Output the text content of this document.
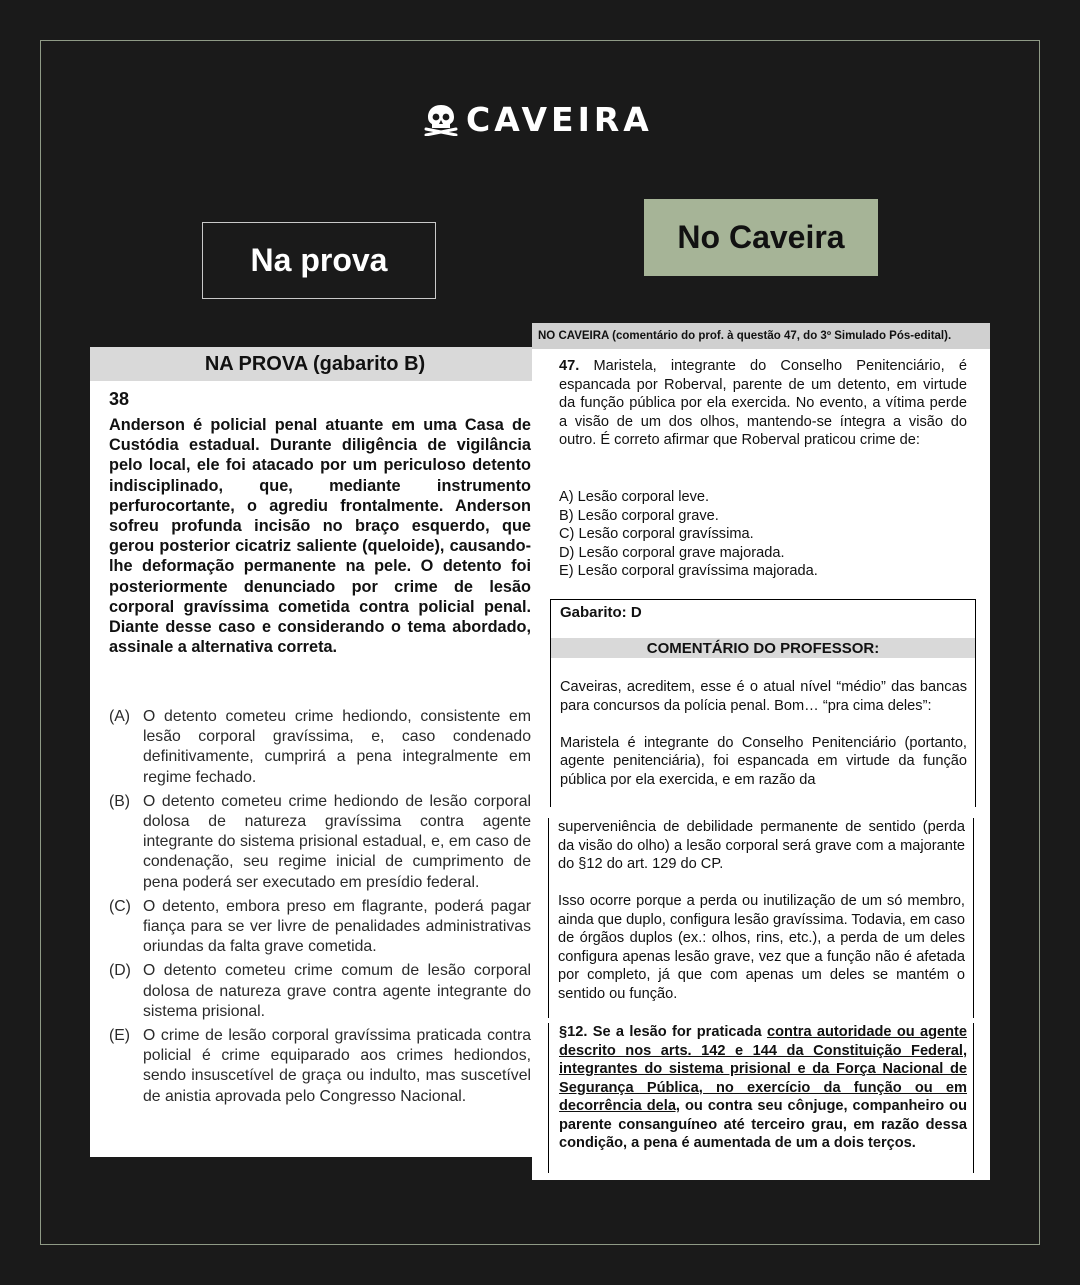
CAVEIRA
Na prova
No Caveira
NA PROVA (gabarito B)
38
Anderson é policial penal atuante em uma Casa de Custódia estadual. Durante diligência de vigilância pelo local, ele foi atacado por um periculoso detento indisciplinado, que, mediante instrumento perfurocortante, o agrediu frontalmente. Anderson sofreu profunda incisão no braço esquerdo, que gerou posterior cicatriz saliente (queloide), causando-lhe deformação permanente na pele. O detento foi posteriormente denunciado por crime de lesão corporal gravíssima cometida contra policial penal. Diante desse caso e considerando o tema abordado, assinale a alternativa correta.
(A) O detento cometeu crime hediondo, consistente em lesão corporal gravíssima, e, caso condenado definitivamente, cumprirá a pena integralmente em regime fechado.
(B) O detento cometeu crime hediondo de lesão corporal dolosa de natureza gravíssima contra agente integrante do sistema prisional estadual, e, em caso de condenação, seu regime inicial de cumprimento de pena poderá ser executado em presídio federal.
(C) O detento, embora preso em flagrante, poderá pagar fiança para se ver livre de penalidades administrativas oriundas da falta grave cometida.
(D) O detento cometeu crime comum de lesão corporal dolosa de natureza grave contra agente integrante do sistema prisional.
(E) O crime de lesão corporal gravíssima praticada contra policial é crime equiparado aos crimes hediondos, sendo insuscetível de graça ou indulto, mas suscetível de anistia aprovada pelo Congresso Nacional.
NO CAVEIRA (comentário do prof. à questão 47, do 3º Simulado Pós-edital).
47. Maristela, integrante do Conselho Penitenciário, é espancada por Roberval, parente de um detento, em virtude da função pública por ela exercida. No evento, a vítima perde a visão de um dos olhos, mantendo-se íntegra a visão do outro. É correto afirmar que Roberval praticou crime de:
A) Lesão corporal leve.
B) Lesão corporal grave.
C) Lesão corporal gravíssima.
D) Lesão corporal grave majorada.
E) Lesão corporal gravíssima majorada.
Gabarito: D
COMENTÁRIO DO PROFESSOR:

Caveiras, acreditem, esse é o atual nível “médio” das bancas para concursos da polícia penal. Bom… “pra cima deles”:

Maristela é integrante do Conselho Penitenciário (portanto, agente penitenciária), foi espancada em virtude da função pública por ela exercida, e em razão da

superveniência de debilidade permanente de sentido (perda da visão do olho) a lesão corporal será grave com a majorante do §12 do art. 129 do CP.

Isso ocorre porque a perda ou inutilização de um só membro, ainda que duplo, configura lesão gravíssima. Todavia, em caso de órgãos duplos (ex.: olhos, rins, etc.), a perda de um deles configura apenas lesão grave, vez que a função não é afetada por completo, já que com apenas um deles se mantém o sentido ou função.

§12. Se a lesão for praticada contra autoridade ou agente descrito nos arts. 142 e 144 da Constituição Federal, integrantes do sistema prisional e da Força Nacional de Segurança Pública, no exercício da função ou em decorrência dela, ou contra seu cônjuge, companheiro ou parente consanguíneo até terceiro grau, em razão dessa condição, a pena é aumentada de um a dois terços.
